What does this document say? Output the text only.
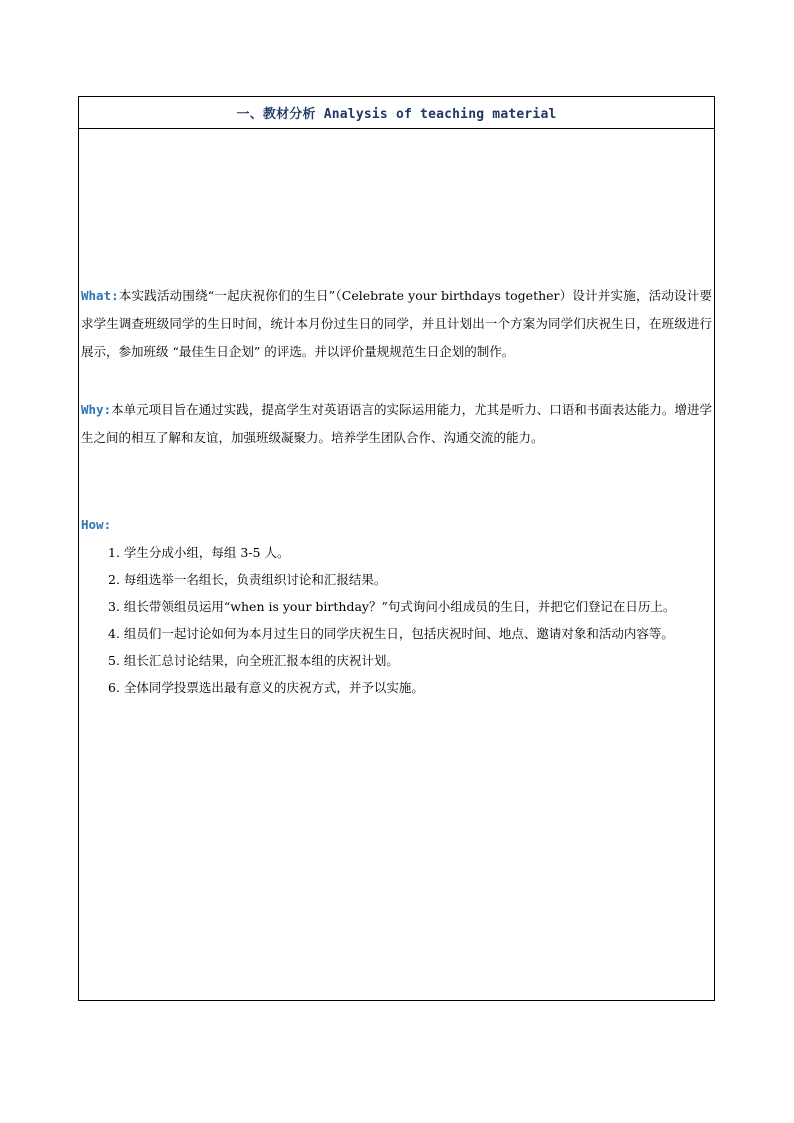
一、教材分析 Analysis of teaching material

What:本实践活动围绕“一起庆祝你们的生日”（Celebrate your birthdays together）设计并实施，活动设计要求学生调查班级同学的生日时间，统计本月份过生日的同学，并且计划出一个方案为同学们庆祝生日，在班级进行展示，参加班级 “最佳生日企划” 的评选。并以评价量规规范生日企划的制作。

Why:本单元项目旨在通过实践，提高学生对英语语言的实际运用能力，尤其是听力、口语和书面表达能力。增进学生之间的相互了解和友谊，加强班级凝聚力。培养学生团队合作、沟通交流的能力。

How:
1. 学生分成小组，每组 3-5 人。
2. 每组选举一名组长，负责组织讨论和汇报结果。
3. 组长带领组员运用“when is your birthday？”句式询问小组成员的生日，并把它们登记在日历上。
4. 组员们一起讨论如何为本月过生日的同学庆祝生日，包括庆祝时间、地点、邀请对象和活动内容等。
5. 组长汇总讨论结果，向全班汇报本组的庆祝计划。
6. 全体同学投票选出最有意义的庆祝方式，并予以实施。
